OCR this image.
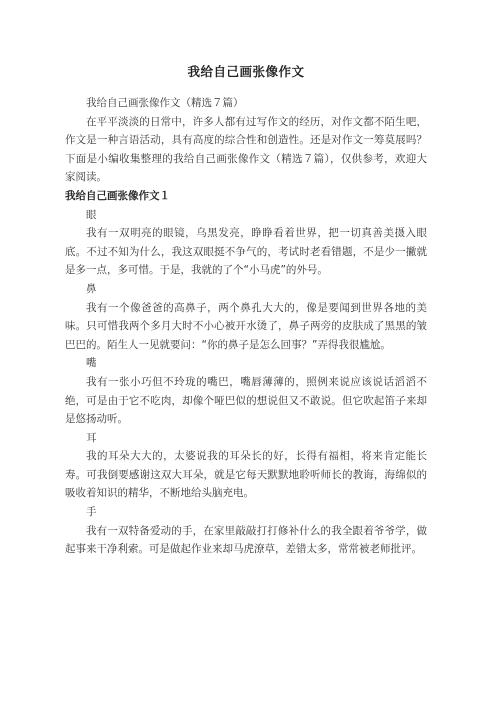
我给自己画张像作文

我给自己画张像作文（精选７篇）

在平平淡淡的日常中，许多人都有过写作文的经历，对作文都不陌生吧，作文是一种言语活动，具有高度的综合性和创造性。还是对作文一筹莫展吗？下面是小编收集整理的我给自己画张像作文（精选７篇），仅供参考，欢迎大家阅读。

我给自己画张像作文１

眼

我有一双明亮的眼镜，乌黑发亮，睁睁看着世界，把一切真善美摄入眼底。不过不知为什么，我这双眼挺不争气的，考试时老看错题，不是少一撇就是多一点，多可惜。于是，我就的了个“小马虎”的外号。

鼻

我有一个像爸爸的高鼻子，两个鼻孔大大的，像是要闻到世界各地的美味。只可惜我两个多月大时不小心被开水烫了，鼻子两旁的皮肤成了黑黑的皱巴巴的。陌生人一见就要问：“你的鼻子是怎么回事？”弄得我很尴尬。

嘴

我有一张小巧但不玲珑的嘴巴，嘴唇薄薄的，照例来说应该说话滔滔不绝，可是由于它不吃肉，却像个哑巴似的想说但又不敢说。但它吹起笛子来却是悠扬动听。

耳

我的耳朵大大的，太婆说我的耳朵长的好，长得有福相，将来肯定能长寿。可我倒要感谢这双大耳朵，就是它每天默默地聆听师长的教诲，海绵似的吸收着知识的精华，不断地给头脑充电。

手

我有一双特备爱动的手，在家里敲敲打打修补什么的我全跟着爷爷学，做起事来干净利索。可是做起作业来却马虎潦草，差错太多，常常被老师批评。
